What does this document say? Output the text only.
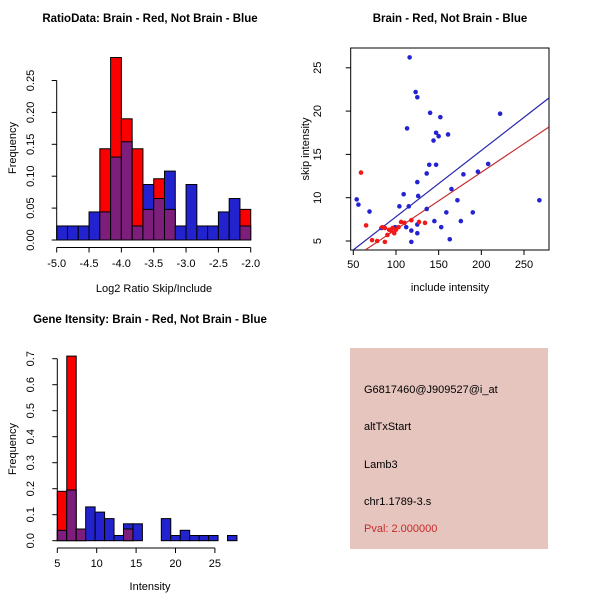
-5.0 -4.5 -4.0 -3.5 -3.0 -2.5 -2.0
0.00
0.05
0.10
0.15
0.20
0.25
5	10 15 20 25
0.0
0.1
0.2
0.3
0.4
0.5
0.6
0.7
50 100 150 200 250
5
10
15
20
25
RatioData: Brain - Red, Not Brain - Blue	Brain - Red, Not Brain - Blue
Gene Itensity: Brain - Red, Not Brain - Blue
Log2 Ratio Skip/Include	include intensity
Intensity
Frequency	skip intensity
Frequency
G6817460@J909527@i_at
altTxStart
Lamb3
chr1.1789-3.s
Pval: 2.000000
